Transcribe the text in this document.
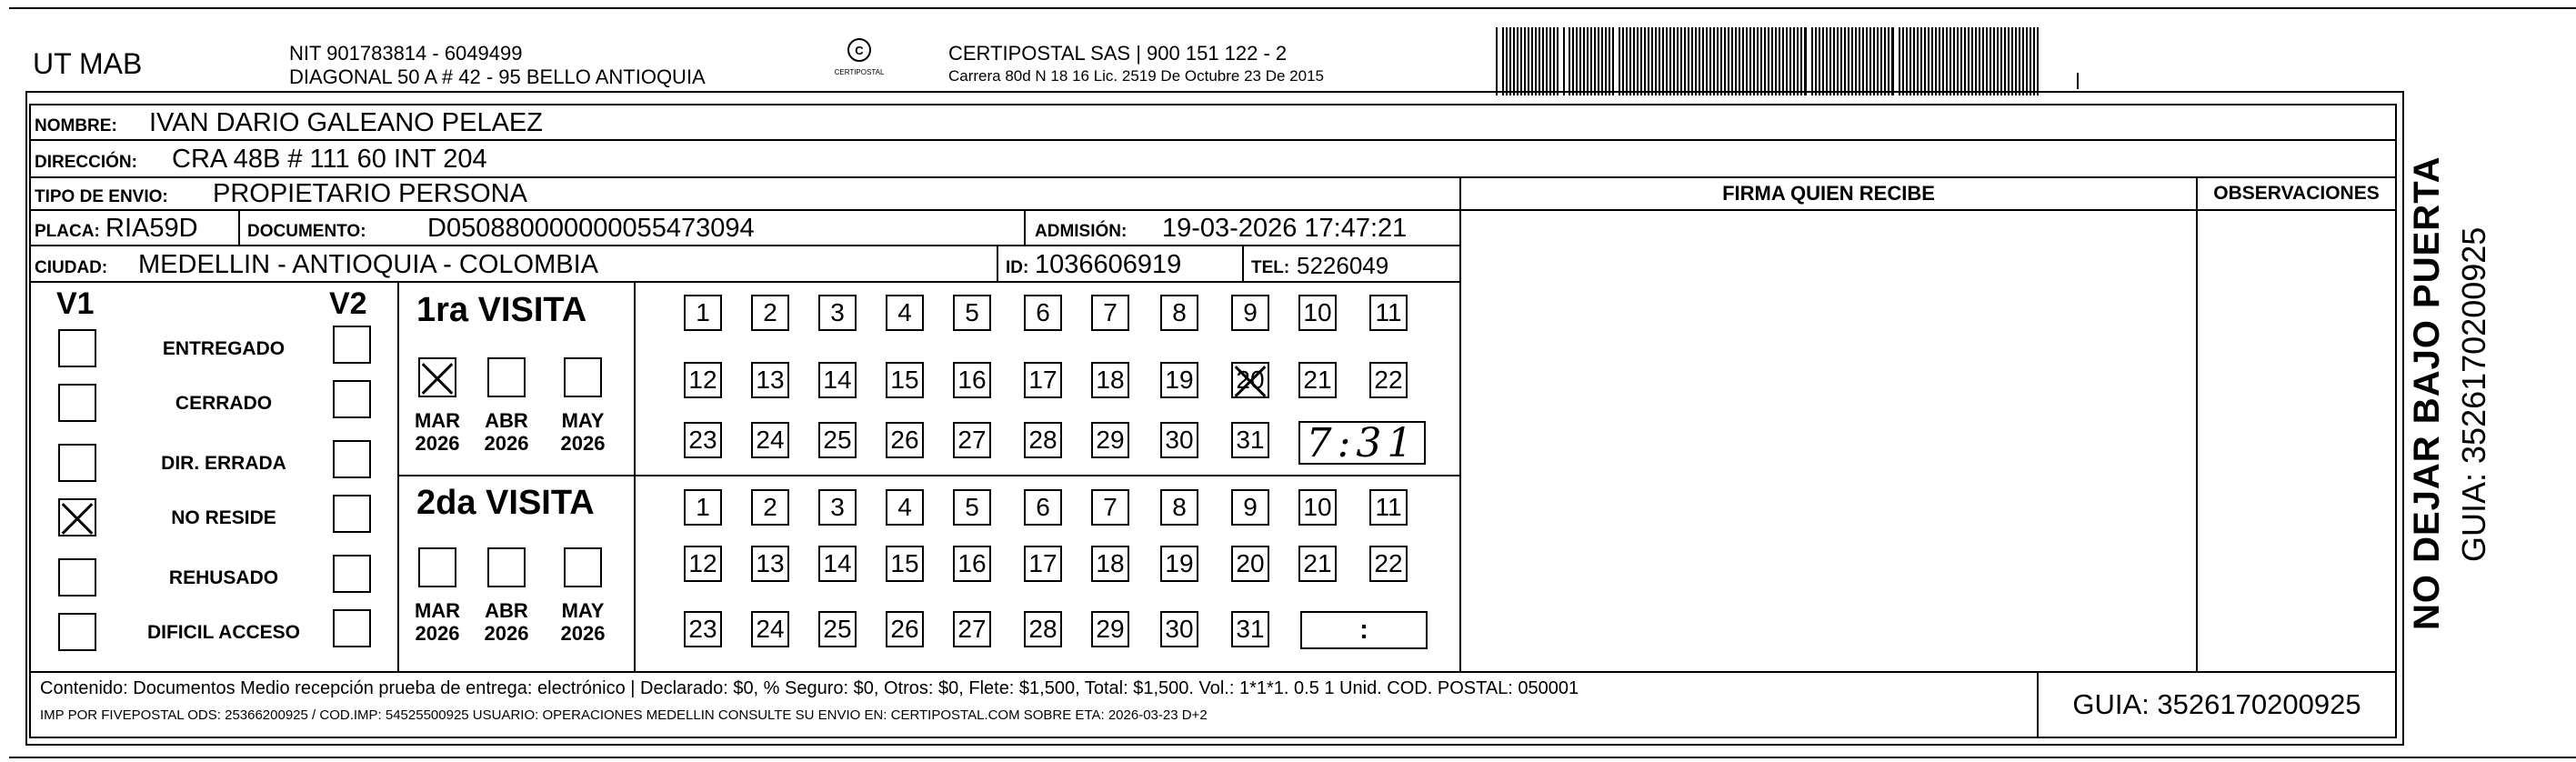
UT MAB	NIT 901783814 - 6049499
DIAGONAL 50 A # 42 - 95 BELLO ANTIOQUIA
C
CERTIPOSTAL
CERTIPOSTAL SAS | 900 151 122 - 2
Carrera 80d N 18 16 Lic. 2519 De Octubre 23 De 2015
NOMBRE: IVAN DARIO GALEANO PELAEZ
DIRECCIÓN: CRA 48B # 111 60 INT 204
TIPO DE ENVIO: PROPIETARIO PERSONA	FIRMA QUIEN RECIBE	OBSERVACIONES
PLACA: RIA59D	DOCUMENTO: D050880000000055473094	ADMISIÓN: 19-03-2026 17:47:21
CIUDAD: MEDELLIN - ANTIOQUIA - COLOMBIA	ID: 1036606919	TEL: 5226049
V1	V2 1ra VISITA
2da VISITA
7:31
:
Contenido: Documentos Medio recepción prueba de entrega: electrónico | Declarado: $0, % Seguro: $0, Otros: $0, Flete: $1,500, Total: $1,500. Vol.: 1*1*1. 0.5 1 Unid. COD. POSTAL: 050001
IMP POR FIVEPOSTAL ODS: 25366200925 / COD.IMP: 54525500925 USUARIO: OPERACIONES MEDELLIN CONSULTE SU ENVIO EN: CERTIPOSTAL.COM SOBRE ETA: 2026-03-23 D+2	GUIA: 3526170200925
NO DEJAR BAJO PUERTA GUIA: 3526170200925
ENTREGADO
CERRADO
DIR. ERRADA
NO RESIDE
REHUSADO
DIFICIL ACCESO
MAR
2026
ABR
2026
MAY
2026
MAR
2026
ABR
2026
MAY
2026
1	2	3	4	5	6	7	8	9	10 11
12 13 14 15 16 17 18 19 20 21 22
23 24 25 26 27 28 29 30 31
1	2	3	4	5	6	7	8	9	10 11
12 13 14 15 16 17 18 19 20 21 22
23 24 25 26 27 28 29 30 31
